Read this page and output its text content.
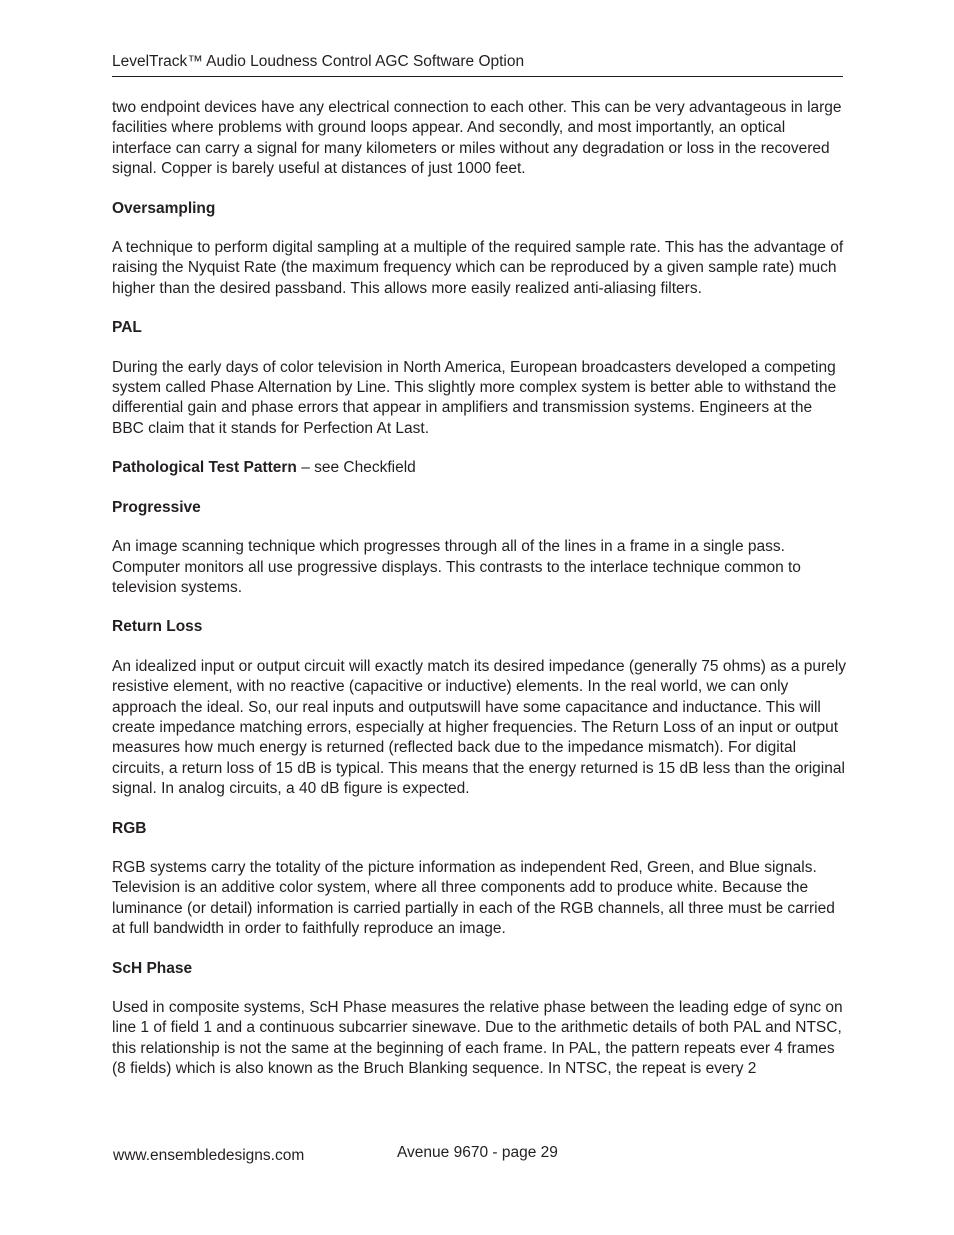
LevelTrack™ Audio Loudness Control AGC Software Option

two endpoint devices have any electrical connection to each other. This can be very advantageous in large facilities where problems with ground loops appear. And secondly, and most importantly, an optical interface can carry a signal for many kilometers or miles without any degradation or loss in the recovered signal. Copper is barely useful at distances of just 1000 feet.

Oversampling

A technique to perform digital sampling at a multiple of the required sample rate. This has the advantage of raising the Nyquist Rate (the maximum frequency which can be reproduced by a given sample rate) much higher than the desired passband. This allows more easily realized anti-aliasing filters.

PAL

During the early days of color television in North America, European broadcasters developed a competing system called Phase Alternation by Line. This slightly more complex system is better able to withstand the differential gain and phase errors that appear in amplifiers and transmission systems. Engineers at the BBC claim that it stands for Perfection At Last.

Pathological Test Pattern – see Checkfield

Progressive

An image scanning technique which progresses through all of the lines in a frame in a single pass. Computer monitors all use progressive displays. This contrasts to the interlace technique common to television systems.

Return Loss

An idealized input or output circuit will exactly match its desired impedance (generally 75 ohms) as a purely resistive element, with no reactive (capacitive or inductive) elements. In the real world, we can only approach the ideal. So, our real inputs and outputswill have some capacitance and inductance. This will create impedance matching errors, especially at higher frequencies. The Return Loss of an input or output measures how much energy is returned (reflected back due to the impedance mismatch). For digital circuits, a return loss of 15 dB is typical. This means that the energy returned is 15 dB less than the original signal. In analog circuits, a 40 dB figure is expected.

RGB

RGB systems carry the totality of the picture information as independent Red, Green, and Blue signals. Television is an additive color system, where all three components add to produce white. Because the luminance (or detail) information is carried partially in each of the RGB channels, all three must be carried at full bandwidth in order to faithfully reproduce an image.

ScH Phase

Used in composite systems, ScH Phase measures the relative phase between the leading edge of sync on line 1 of field 1 and a continuous subcarrier sinewave. Due to the arithmetic details of both PAL and NTSC, this relationship is not the same at the beginning of each frame. In PAL, the pattern repeats ever 4 frames (8 fields) which is also known as the Bruch Blanking sequence. In NTSC, the repeat is every 2

www.ensembledesigns.com	Avenue 9670 - page 29
